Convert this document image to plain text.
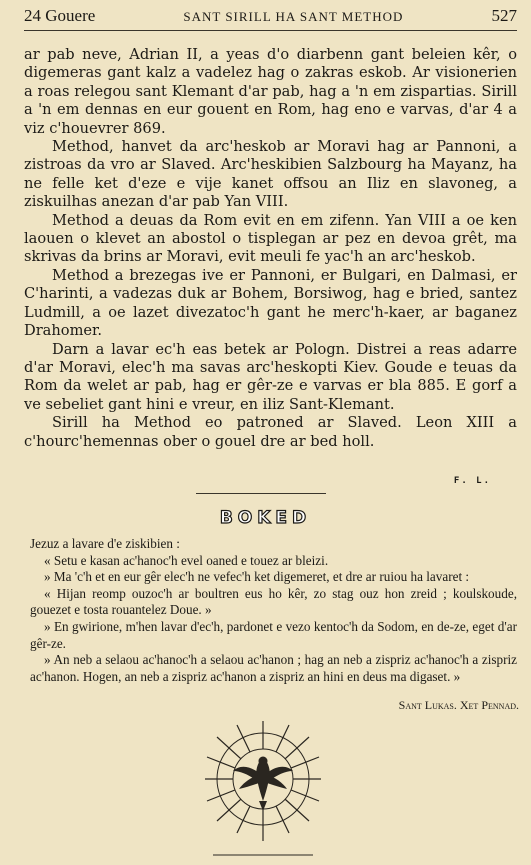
24 Gouere	SANT SIRILL HA SANT METHOD	527

ar pab neve, Adrian II, a yeas d'o diarbenn gant beleien kêr, o digemeras gant kalz a vadelez hag o zakras eskob. Ar visionerien a roas relegou sant Klemant d'ar pab, hag a 'n em zispartias. Sirill a 'n em dennas en eur gouent en Rom, hag eno e varvas, d'ar 4 a viz c'houevrer 869.

Method, hanvet da arc'heskob ar Moravi hag ar Pannoni, a zistroas da vro ar Slaved. Arc'heskibien Salzbourg ha Mayanz, ha ne felle ket d'eze e vije kanet offsou an Iliz en slavoneg, a ziskuilhas anezan d'ar pab Yan VIII.

Method a deuas da Rom evit en em zifenn. Yan VIII a oe ken laouen o klevet an abostol o tisplegan ar pez en devoa grêt, ma skrivas da brins ar Moravi, evit meuli fe yac'h an arc'heskob.

Method a brezegas ive er Pannoni, er Bulgari, en Dalmasi, er C'harinti, a vadezas duk ar Bohem, Borsiwog, hag e bried, santez Ludmill, a oe lazet divezatoc'h gant he merc'h-kaer, ar baganez Drahomer.

Darn a lavar ec'h eas betek ar Pologn. Distrei a reas adarre d'ar Moravi, elec'h ma savas arc'heskopti Kiev. Goude e teuas da Rom da welet ar pab, hag er gêr-ze e varvas er bla 885. E gorf a ve sebeliet gant hini e vreur, en iliz Sant-Klemant.

Sirill ha Method eo patroned ar Slaved. Leon XIII a c'hourc'hemennas ober o gouel dre ar bed holl.

F. L.
BOKED

Jezuz a lavare d'e ziskibien :

« Setu e kasan ac'hanoc'h evel oaned e touez ar bleizi.

» Ma 'c'h et en eur gêr elec'h ne vefec'h ket digemeret, et dre ar ruiou ha lavaret :

« Hijan reomp ouzoc'h ar boultren eus ho kêr, zo stag ouz hon zreid ; koulskoude, gouezet e tosta rouantelez Doue. »

» En gwirione, m'hen lavar d'ec'h, pardonet e vezo kentoc'h da Sodom, en de-ze, eget d'ar gêr-ze.

» An neb a selaou ac'hanoc'h a selaou ac'hanon ; hag an neb a zispriz ac'hanoc'h a zispriz ac'hanon. Hogen, an neb a zispriz ac'hanon a zispriz an hini en deus ma digaset. »

Sant Lukas. Xet Pennad.
